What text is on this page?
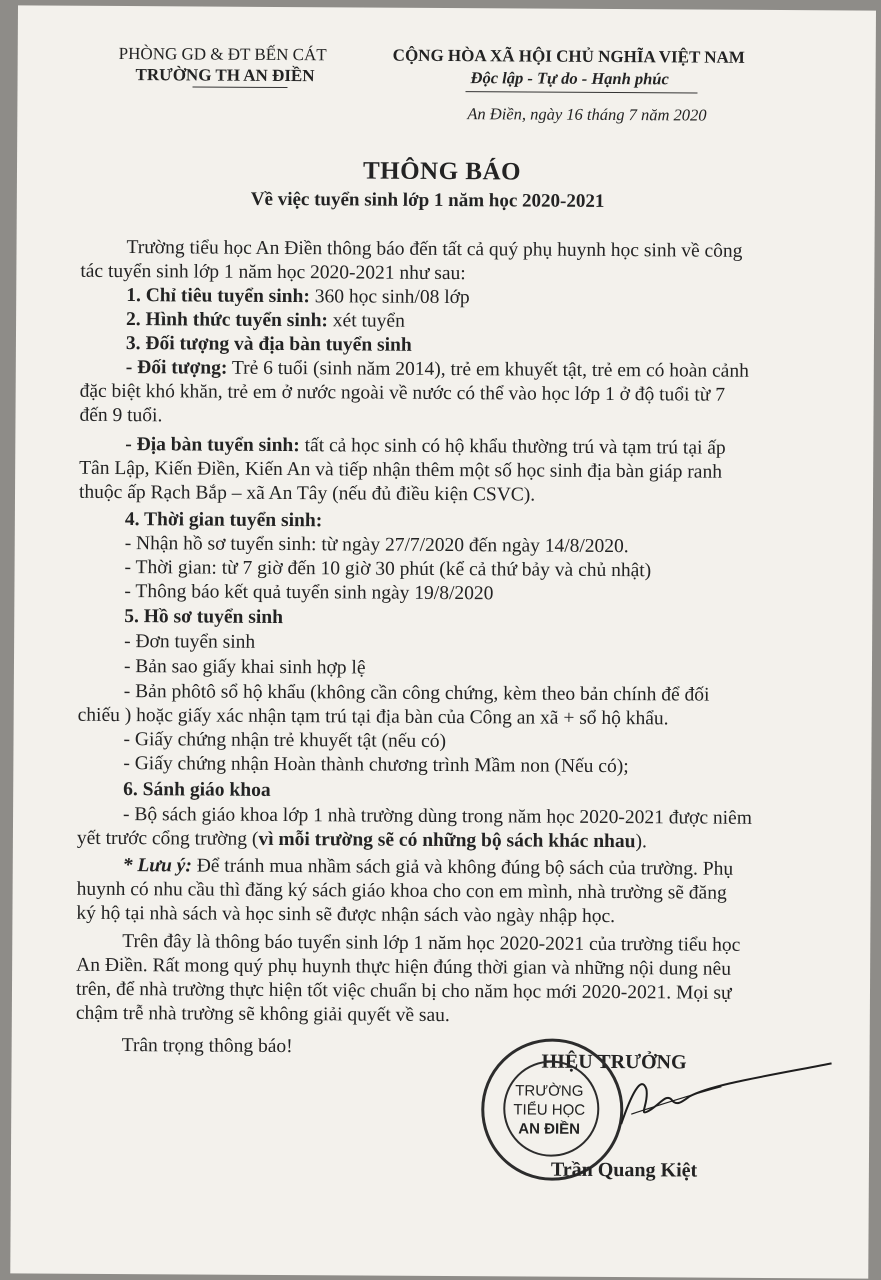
PHÒNG GD & ĐT BẾN CÁT
TRƯỜNG TH AN ĐIỀN
CỘNG HÒA XÃ HỘI CHỦ NGHĨA VIỆT NAM
Độc lập - Tự do - Hạnh phúc
An Điền, ngày 16 tháng 7 năm 2020
THÔNG BÁO
Về việc tuyển sinh lớp 1 năm học 2020-2021
Trường tiểu học An Điền thông báo đến tất cả quý phụ huynh học sinh về công
tác tuyển sinh lớp 1 năm học 2020-2021 như sau:
1. Chỉ tiêu tuyển sinh: 360 học sinh/08 lớp
2. Hình thức tuyển sinh: xét tuyển
3. Đối tượng và địa bàn tuyển sinh
- Đối tượng: Trẻ 6 tuổi (sinh năm 2014), trẻ em khuyết tật, trẻ em có hoàn cảnh
đặc biệt khó khăn, trẻ em ở nước ngoài về nước có thể vào học lớp 1 ở độ tuổi từ 7
đến 9 tuổi.
- Địa bàn tuyển sinh: tất cả học sinh có hộ khẩu thường trú và tạm trú tại ấp
Tân Lập, Kiến Điền, Kiến An và tiếp nhận thêm một số học sinh địa bàn giáp ranh
thuộc ấp Rạch Bắp – xã An Tây (nếu đủ điều kiện CSVC).
4. Thời gian tuyển sinh:
- Nhận hồ sơ tuyển sinh: từ ngày 27/7/2020 đến ngày 14/8/2020.
- Thời gian: từ 7 giờ đến 10 giờ 30 phút (kể cả thứ bảy và chủ nhật)
- Thông báo kết quả tuyển sinh ngày 19/8/2020
5. Hồ sơ tuyển sinh
- Đơn tuyển sinh
- Bản sao giấy khai sinh hợp lệ
- Bản phôtô sổ hộ khẩu (không cần công chứng, kèm theo bản chính để đối
chiếu ) hoặc giấy xác nhận tạm trú tại địa bàn của Công an xã + sổ hộ khẩu.
- Giấy chứng nhận trẻ khuyết tật (nếu có)
- Giấy chứng nhận Hoàn thành chương trình Mầm non (Nếu có);
6. Sánh giáo khoa
- Bộ sách giáo khoa lớp 1 nhà trường dùng trong năm học 2020-2021 được niêm
yết trước cổng trường (vì mỗi trường sẽ có những bộ sách khác nhau).
* Lưu ý: Để tránh mua nhầm sách giả và không đúng bộ sách của trường. Phụ
huynh có nhu cầu thì đăng ký sách giáo khoa cho con em mình, nhà trường sẽ đăng
ký hộ tại nhà sách và học sinh sẽ được nhận sách vào ngày nhập học.
Trên đây là thông báo tuyển sinh lớp 1 năm học 2020-2021 của trường tiểu học
An Điền. Rất mong quý phụ huynh thực hiện đúng thời gian và những nội dung nêu
trên, để nhà trường thực hiện tốt việc chuẩn bị cho năm học mới 2020-2021. Mọi sự
chậm trễ nhà trường sẽ không giải quyết về sau.
Trân trọng thông báo!
HIỆU TRƯỞNG
TRƯỜNG
TIỂU HỌC
AN ĐIỀN
Trần Quang Kiệt
